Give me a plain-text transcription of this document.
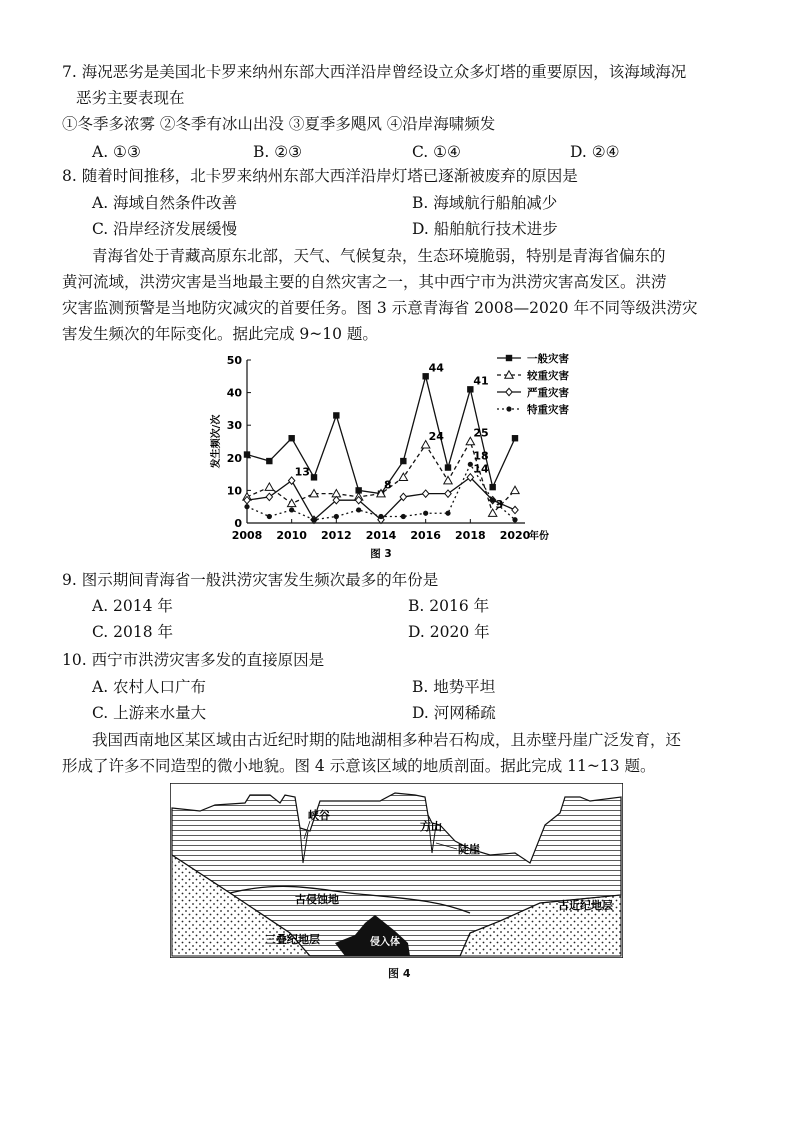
7. 海况恶劣是美国北卡罗来纳州东部大西洋沿岸曾经设立众多灯塔的重要原因，该海域海况
恶劣主要表现在
①冬季多浓雾 ②冬季有冰山出没 ③夏季多飓风 ④沿岸海啸频发
A. ①③	B. ②③	C. ①④	D. ②④
8. 随着时间推移，北卡罗来纳州东部大西洋沿岸灯塔已逐渐被废弃的原因是
A. 海域自然条件改善	B. 海域航行船舶减少
C. 沿岸经济发展缓慢	D. 船舶航行技术进步
青海省处于青藏高原东北部，天气、气候复杂，生态环境脆弱，特别是青海省偏东的
黄河流域，洪涝灾害是当地最主要的自然灾害之一，其中西宁市为洪涝灾害高发区。洪涝
灾害监测预警是当地防灾减灾的首要任务。图 3 示意青海省 2008—2020 年不同等级洪涝灾
害发生频次的年际变化。据此完成 9~10 题。
0
10
20
30
40
50
2008 2010 2012 2014 2016 2018 2020
发生频次/次
年份
13
8
44
24
41
25
18
14
3
一般灾害
较重灾害
严重灾害
特重灾害
图 3
9. 图示期间青海省一般洪涝灾害发生频次最多的年份是
A. 2014 年	B. 2016 年
C. 2018 年	D. 2020 年
10. 西宁市洪涝灾害多发的直接原因是
A. 农村人口广布	B. 地势平坦
C. 上游来水量大	D. 河网稀疏
我国西南地区某区域由古近纪时期的陆地湖相多种岩石构成，且赤壁丹崖广泛发育，还
形成了许多不同造型的微小地貌。图 4 示意该区域的地质剖面。据此完成 11~13 题。
峡谷
方山
陡崖
古侵蚀地	古近纪地层
三叠纪地层	侵入体
图 4
